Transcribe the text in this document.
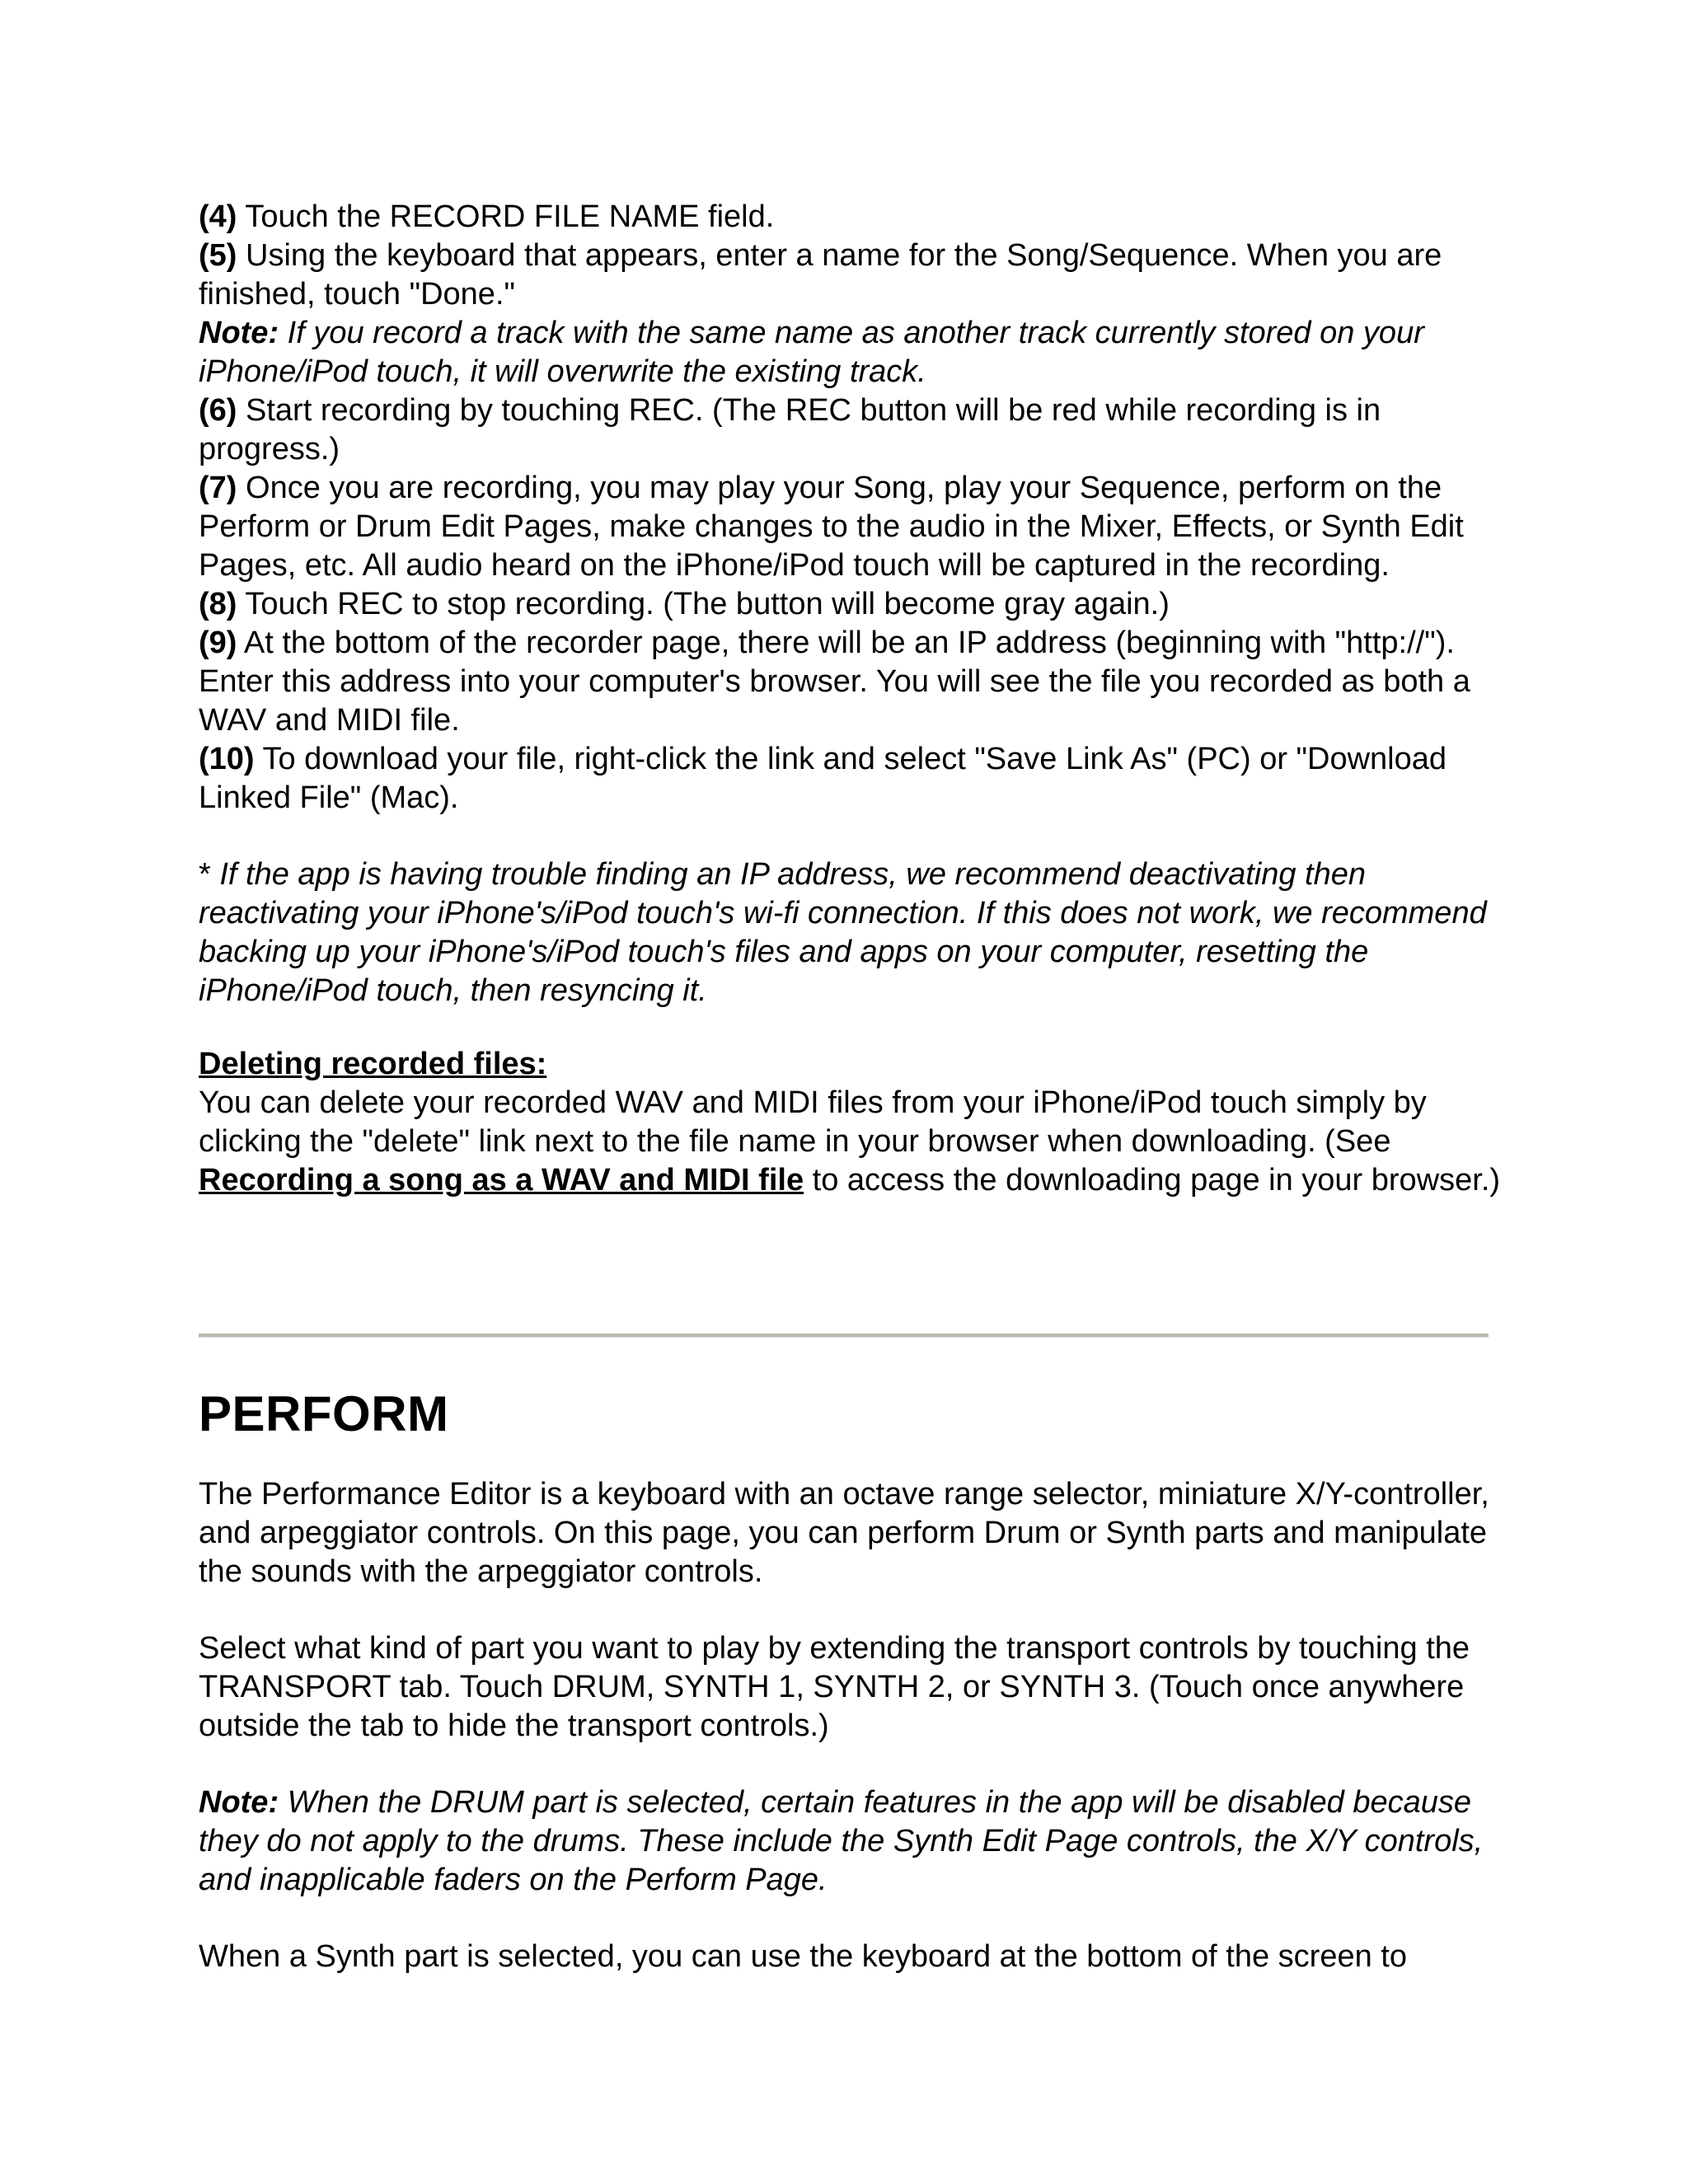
(4) Touch the RECORD FILE NAME field.

(5) Using the keyboard that appears, enter a name for the Song/Sequence. When you are finished, touch "Done."

Note: If you record a track with the same name as another track currently stored on your iPhone/iPod touch, it will overwrite the existing track.

(6) Start recording by touching REC. (The REC button will be red while recording is in progress.)

(7) Once you are recording, you may play your Song, play your Sequence, perform on the Perform or Drum Edit Pages, make changes to the audio in the Mixer, Effects, or Synth Edit Pages, etc. All audio heard on the iPhone/iPod touch will be captured in the recording.

(8) Touch REC to stop recording. (The button will become gray again.)

(9) At the bottom of the recorder page, there will be an IP address (beginning with "http://"). Enter this address into your computer's browser. You will see the file you recorded as both a WAV and MIDI file.

(10) To download your file, right-click the link and select "Save Link As" (PC) or "Download Linked File" (Mac).

* If the app is having trouble finding an IP address, we recommend deactivating then reactivating your iPhone's/iPod touch's wi-fi connection. If this does not work, we recommend backing up your iPhone's/iPod touch's files and apps on your computer, resetting the iPhone/iPod touch, then resyncing it.

Deleting recorded files:

You can delete your recorded WAV and MIDI files from your iPhone/iPod touch simply by clicking the "delete" link next to the file name in your browser when downloading. (See Recording a song as a WAV and MIDI file to access the downloading page in your browser.)

PERFORM

The Performance Editor is a keyboard with an octave range selector, miniature X/Y-controller, and arpeggiator controls. On this page, you can perform Drum or Synth parts and manipulate the sounds with the arpeggiator controls.

Select what kind of part you want to play by extending the transport controls by touching the TRANSPORT tab. Touch DRUM, SYNTH 1, SYNTH 2, or SYNTH 3. (Touch once anywhere outside the tab to hide the transport controls.)

Note: When the DRUM part is selected, certain features in the app will be disabled because they do not apply to the drums. These include the Synth Edit Page controls, the X/Y controls, and inapplicable faders on the Perform Page.

When a Synth part is selected, you can use the keyboard at the bottom of the screen to
